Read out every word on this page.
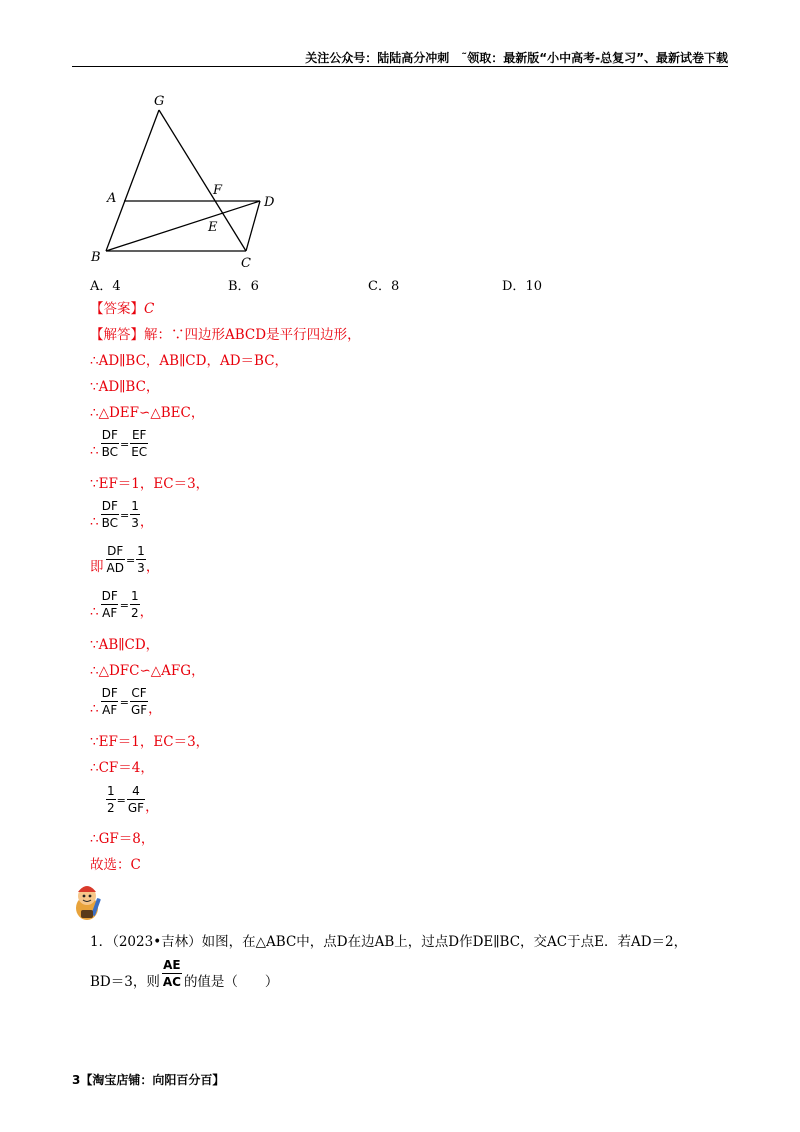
关注公众号：陆陆高分冲刺　˜领取：最新版“小中高考-总复习”、最新试卷下载
G
A
F
D
E
B	C
A．4	B．6	C．8	D．10
【答案】C
【解答】解：∵四边形ABCD是平行四边形，
∴AD∥BC，AB∥CD，AD＝BC，
∵AD∥BC，
∴△DEF∽△BEC，
∴ $\frac{DF}{BC} = \frac{EF}{EC}$
∵EF＝1，EC＝3，
∴ $\frac{DF}{BC} = \frac{1}{3}$ ，
即 $\frac{DF}{AD} = \frac{1}{3}$ ，
∴ $\frac{DF}{AF} = \frac{1}{2}$ ，
∵AB∥CD，
∴△DFC∽△AFG，
∴ $\frac{DF}{AF} = \frac{CF}{GF}$ ，
∵EF＝1，EC＝3，
∴CF＝4，
$\frac{1}{2} = \frac{4}{GF}$ ，
∴GF＝8，
故选：C
1．（2023•吉林）如图，在△ABC中，点D在边AB上，过点D作DE∥BC，交AC于点E．若AD＝2，
BD＝3，则 $\frac{AE}{AC}$ 的值是（　　）
3【淘宝店铺：向阳百分百】
